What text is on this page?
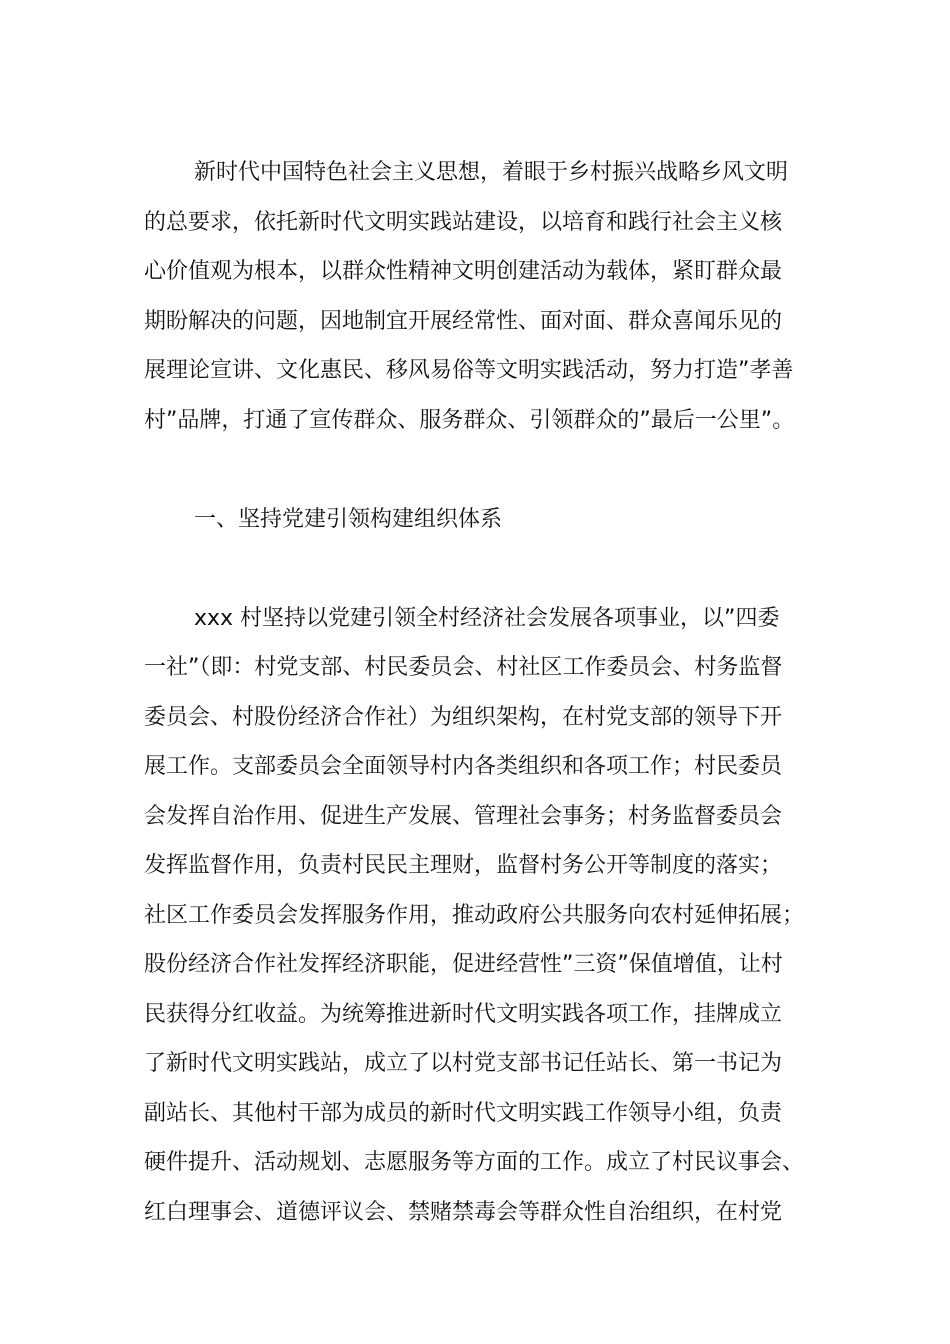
新时代中国特色社会主义思想，着眼于乡村振兴战略乡风文明
的总要求，依托新时代文明实践站建设，以培育和践行社会主义核
心价值观为根本，以群众性精神文明创建活动为载体，紧盯群众最
期盼解决的问题，因地制宜开展经常性、面对面、群众喜闻乐见的
展理论宣讲、文化惠民、移风易俗等文明实践活动，努力打造”孝善
村”品牌，打通了宣传群众、服务群众、引领群众的”最后一公里”。
一、坚持党建引领构建组织体系
xxx 村坚持以党建引领全村经济社会发展各项事业，以”四委
一社”（即：村党支部、村民委员会、村社区工作委员会、村务监督
委员会、村股份经济合作社）为组织架构，在村党支部的领导下开
展工作。支部委员会全面领导村内各类组织和各项工作；村民委员
会发挥自治作用、促进生产发展、管理社会事务；村务监督委员会
发挥监督作用，负责村民民主理财，监督村务公开等制度的落实；
社区工作委员会发挥服务作用，推动政府公共服务向农村延伸拓展；
股份经济合作社发挥经济职能，促进经营性”三资”保值增值，让村
民获得分红收益。为统筹推进新时代文明实践各项工作，挂牌成立
了新时代文明实践站，成立了以村党支部书记任站长、第一书记为
副站长、其他村干部为成员的新时代文明实践工作领导小组，负责
硬件提升、活动规划、志愿服务等方面的工作。成立了村民议事会、
红白理事会、道德评议会、禁赌禁毒会等群众性自治组织，在村党
